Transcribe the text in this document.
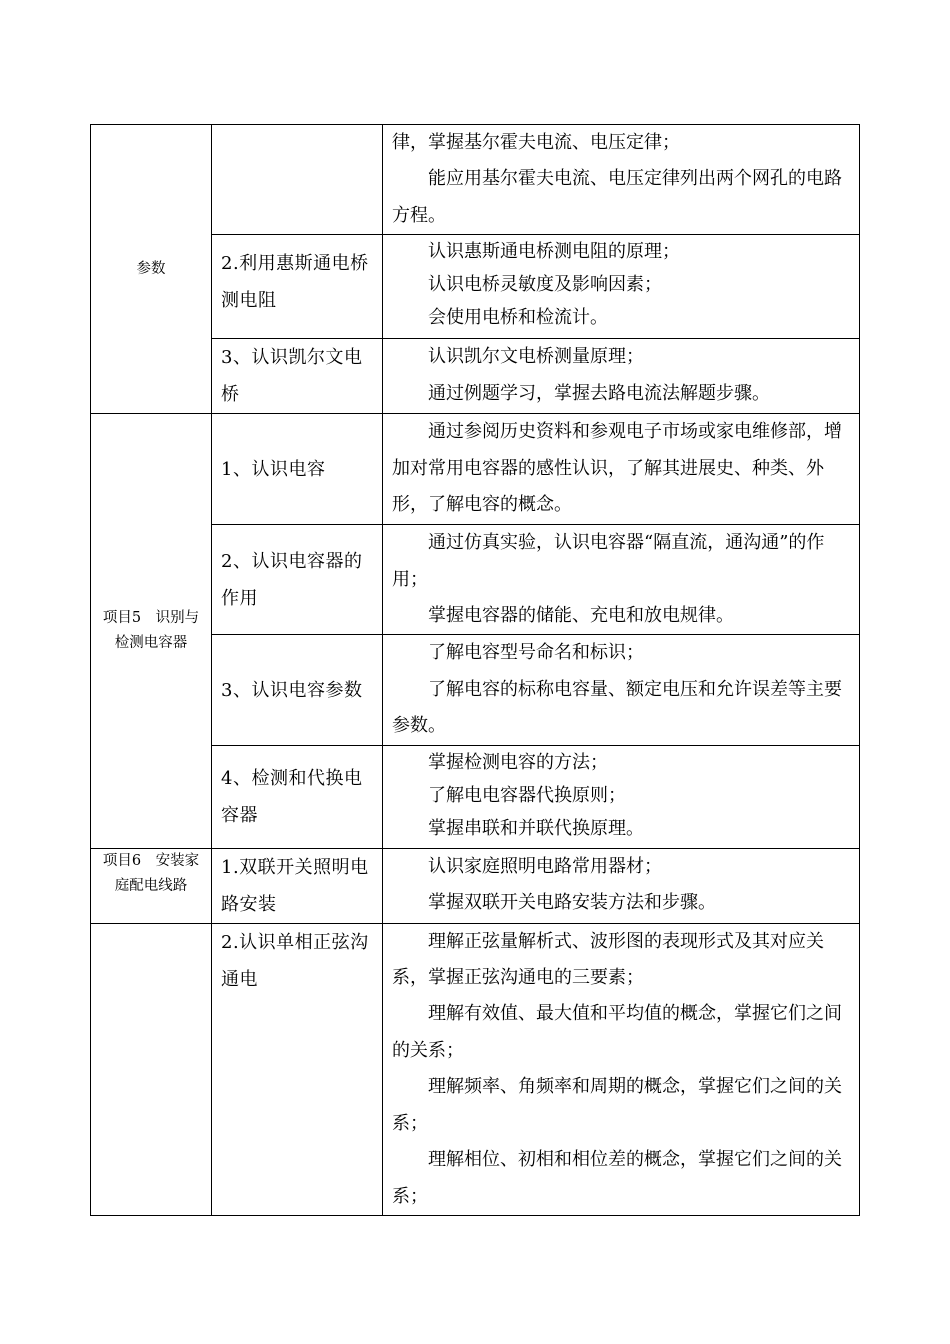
参数		律，掌握基尔霍夫电流、电压定律；

能应用基尔霍夫电流、电压定律列出两个网孔的电路方程。

	2.利用惠斯通电桥测电阻	认识惠斯通电桥测电阻的原理；

认识电桥灵敏度及影响因素；

会使用电桥和检流计。

	3、认识凯尔文电桥	认识凯尔文电桥测量原理；

通过例题学习，掌握去路电流法解题步骤。

项目5　识别与检测电容器	1、认识电容	通过参阅历史资料和参观电子市场或家电维修部，增加对常用电容器的感性认识，了解其进展史、种类、外形，了解电容的概念。

	2、认识电容器的作用	通过仿真实验，认识电容器“隔直流，通沟通”的作用；

掌握电容器的储能、充电和放电规律。

	3、认识电容参数	了解电容型号命名和标识；

了解电容的标称电容量、额定电压和允许误差等主要参数。

	4、检测和代换电容器	掌握检测电容的方法；

了解电电容器代换原则；

掌握串联和并联代换原理。

项目6　安装家庭配电线路	1.双联开关照明电路安装	认识家庭照明电路常用器材；

掌握双联开关电路安装方法和步骤。

	2.认识单相正弦沟通电	理解正弦量解析式、波形图的表现形式及其对应关系，掌握正弦沟通电的三要素；

理解有效值、最大值和平均值的概念，掌握它们之间的关系；

理解频率、角频率和周期的概念，掌握它们之间的关系；

理解相位、初相和相位差的概念，掌握它们之间的关系；
